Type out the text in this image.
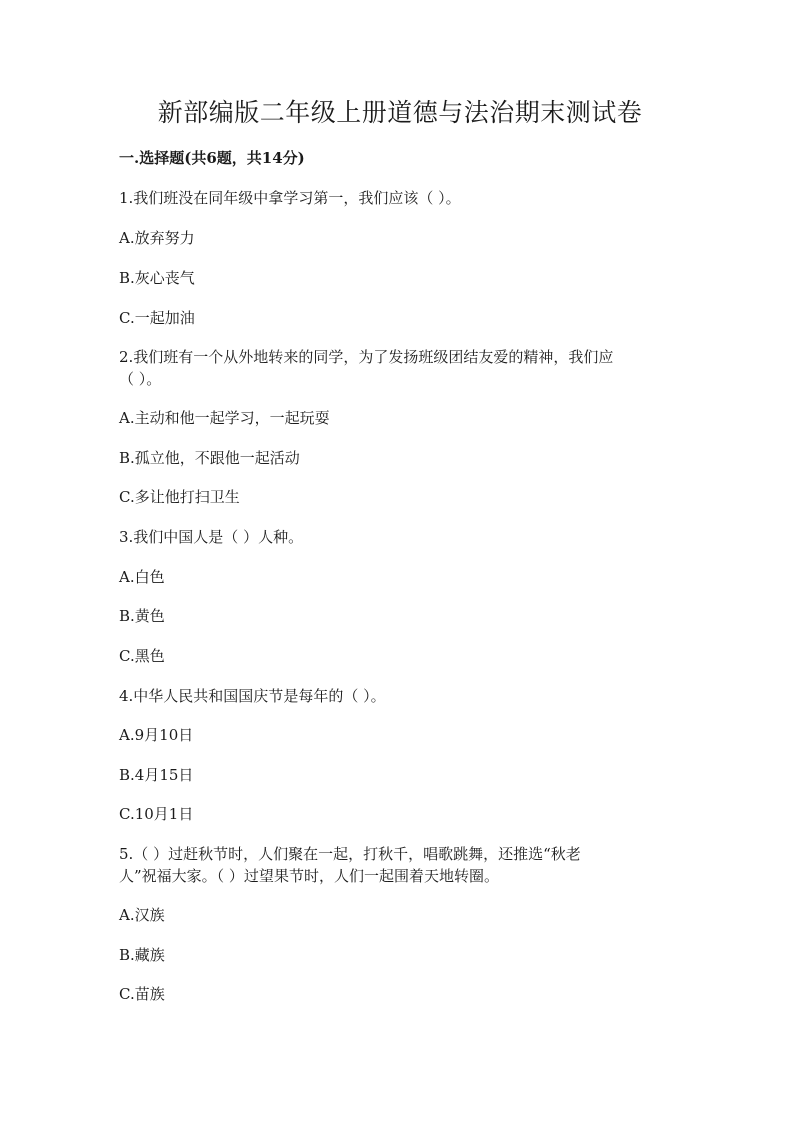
新部编版二年级上册道德与法治期末测试卷
一.选择题(共6题，共14分)
1.我们班没在同年级中拿学习第一，我们应该（ ）。
A.放弃努力
B.灰心丧气
C.一起加油
2.我们班有一个从外地转来的同学，为了发扬班级团结友爱的精神，我们应
（ ）。
A.主动和他一起学习，一起玩耍
B.孤立他，不跟他一起活动
C.多让他打扫卫生
3.我们中国人是（ ）人种。
A.白色
B.黄色
C.黑色
4.中华人民共和国国庆节是每年的（ ）。
A.9月10日
B.4月15日
C.10月1日
5.（ ）过赶秋节时，人们聚在一起，打秋千，唱歌跳舞，还推选“秋老
人”祝福大家。（ ）过望果节时，人们一起围着天地转圈。
A.汉族
B.藏族
C.苗族
